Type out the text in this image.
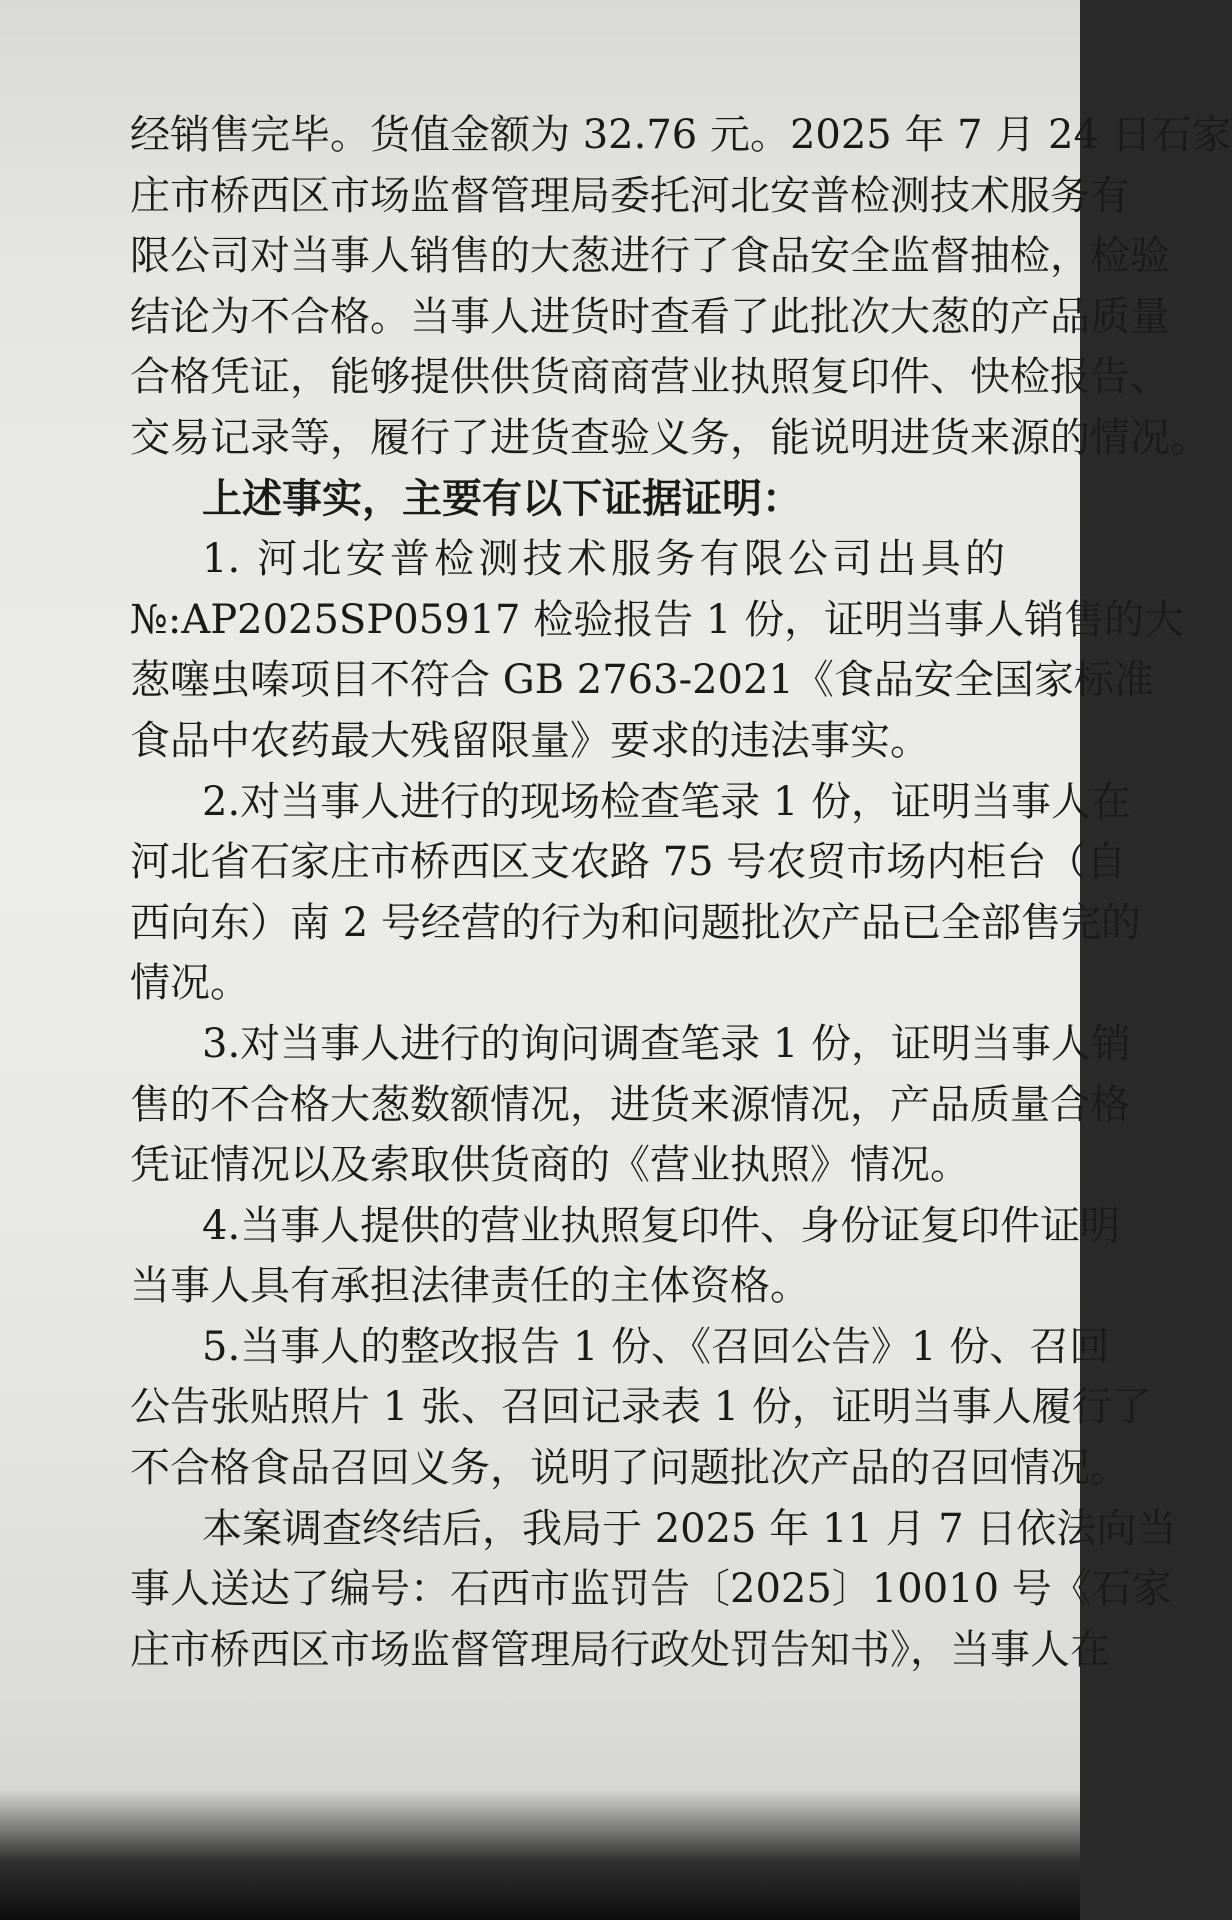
经销售完毕。货值金额为 32.76 元。2025 年 7 月 24 日石家
庄市桥西区市场监督管理局委托河北安普检测技术服务有
限公司对当事人销售的大葱进行了食品安全监督抽检，检验
结论为不合格。当事人进货时查看了此批次大葱的产品质量
合格凭证，能够提供供货商商营业执照复印件、快检报告、
交易记录等，履行了进货查验义务，能说明进货来源的情况。
上述事实，主要有以下证据证明：
1. 河北安普检测技术服务有限公司出具的
№:AP2025SP05917 检验报告 1 份，证明当事人销售的大
葱噻虫嗪项目不符合 GB 2763-2021《食品安全国家标准
食品中农药最大残留限量》要求的违法事实。
2.对当事人进行的现场检查笔录 1 份，证明当事人在
河北省石家庄市桥西区支农路 75 号农贸市场内柜台（自
西向东）南 2 号经营的行为和问题批次产品已全部售完的
情况。
3.对当事人进行的询问调查笔录 1 份，证明当事人销
售的不合格大葱数额情况，进货来源情况，产品质量合格
凭证情况以及索取供货商的《营业执照》情况。
4.当事人提供的营业执照复印件、身份证复印件证明
当事人具有承担法律责任的主体资格。
5.当事人的整改报告 1 份、《召回公告》1 份、召回
公告张贴照片 1 张、召回记录表 1 份，证明当事人履行了
不合格食品召回义务，说明了问题批次产品的召回情况。
本案调查终结后，我局于 2025 年 11 月 7 日依法向当
事人送达了编号：石西市监罚告〔2025〕10010 号《石家
庄市桥西区市场监督管理局行政处罚告知书》，当事人在
